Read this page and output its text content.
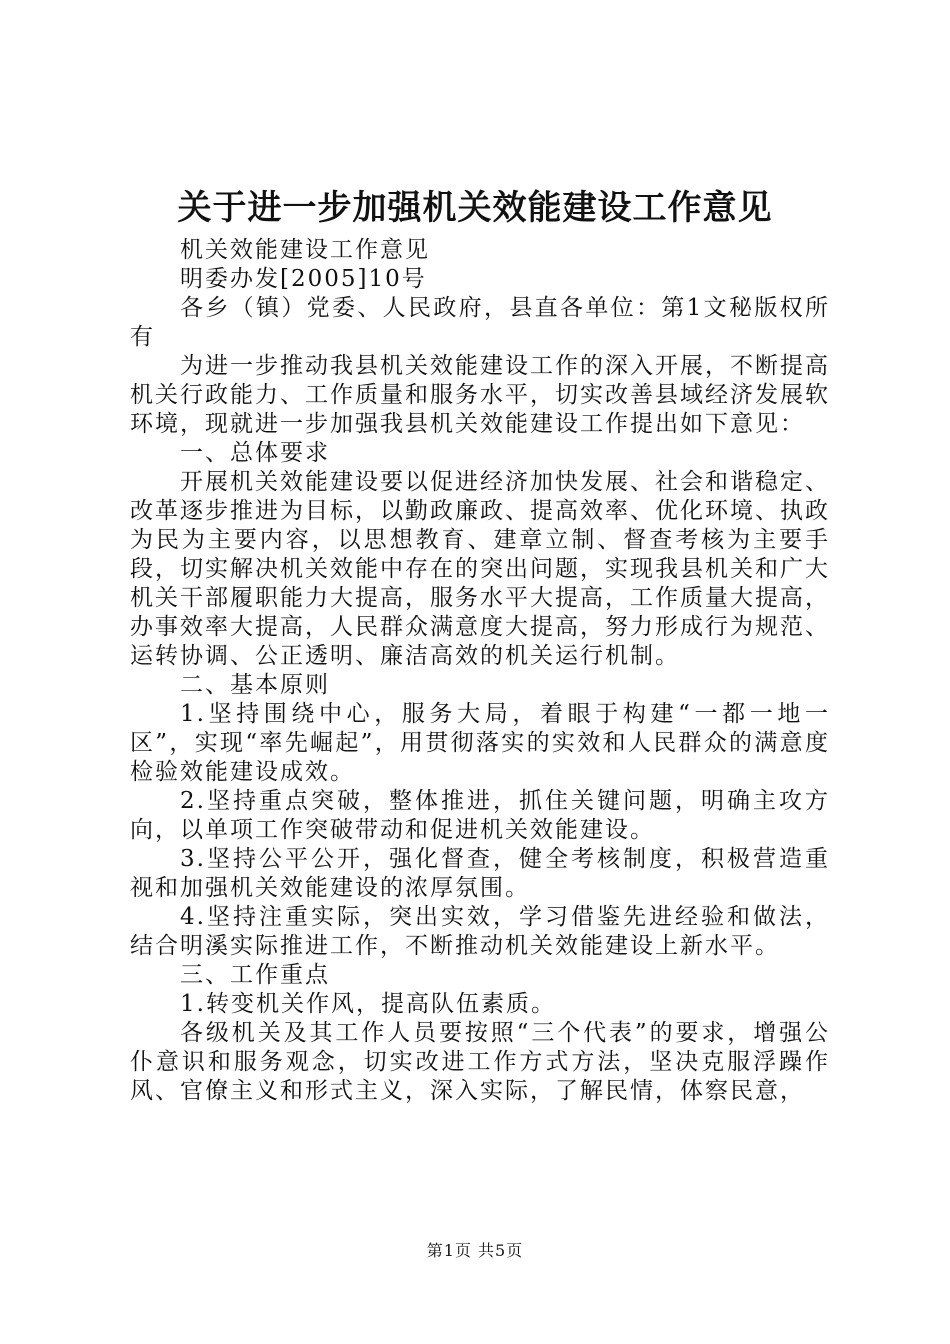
关于进一步加强机关效能建设工作意见

机关效能建设工作意见

明委办发[2005]10号

各乡（镇）党委、人民政府，县直各单位：第1文秘版权所有

为进一步推动我县机关效能建设工作的深入开展，不断提高机关行政能力、工作质量和服务水平，切实改善县域经济发展软环境，现就进一步加强我县机关效能建设工作提出如下意见：

一、总体要求

开展机关效能建设要以促进经济加快发展、社会和谐稳定、改革逐步推进为目标，以勤政廉政、提高效率、优化环境、执政为民为主要内容，以思想教育、建章立制、督查考核为主要手段，切实解决机关效能中存在的突出问题，实现我县机关和广大机关干部履职能力大提高，服务水平大提高，工作质量大提高，办事效率大提高，人民群众满意度大提高，努力形成行为规范、运转协调、公正透明、廉洁高效的机关运行机制。

二、基本原则

1.坚持围绕中心，服务大局，着眼于构建“一都一地一区”，实现“率先崛起”，用贯彻落实的实效和人民群众的满意度检验效能建设成效。

2.坚持重点突破，整体推进，抓住关键问题，明确主攻方向，以单项工作突破带动和促进机关效能建设。

3.坚持公平公开，强化督查，健全考核制度，积极营造重视和加强机关效能建设的浓厚氛围。

4.坚持注重实际，突出实效，学习借鉴先进经验和做法，结合明溪实际推进工作，不断推动机关效能建设上新水平。

三、工作重点

1.转变机关作风，提高队伍素质。

各级机关及其工作人员要按照“三个代表”的要求，增强公仆意识和服务观念，切实改进工作方式方法，坚决克服浮躁作风、官僚主义和形式主义，深入实际，了解民情，体察民意，

第1页 共5页
